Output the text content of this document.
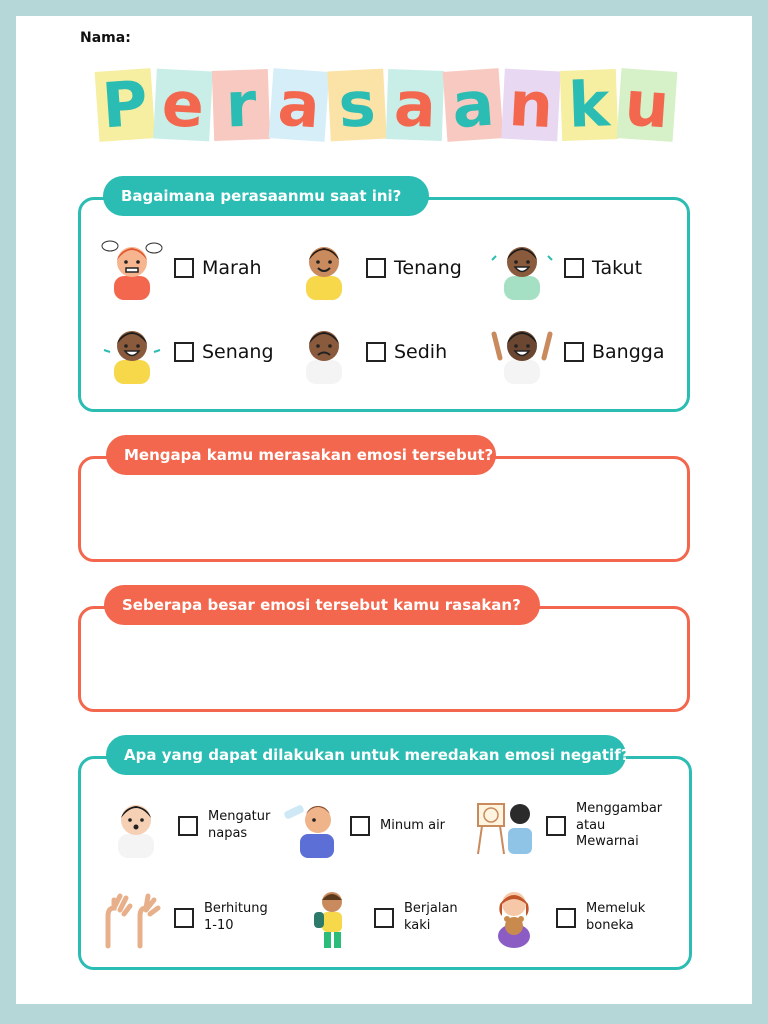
Nama:
P e r a s a a n k u
Bagaimana perasaanmu saat ini?
Marah	Tenang	Takut
Senang	Sedih	Bangga
Mengapa kamu merasakan emosi tersebut?
Seberapa besar emosi tersebut kamu rasakan?
Apa yang dapat dilakukan untuk meredakan emosi negatif?
Mengatur
napas
Minum air
Menggambar
atau
Mewarnai
Berhitung
1-10
Berjalan
kaki
Memeluk
boneka
